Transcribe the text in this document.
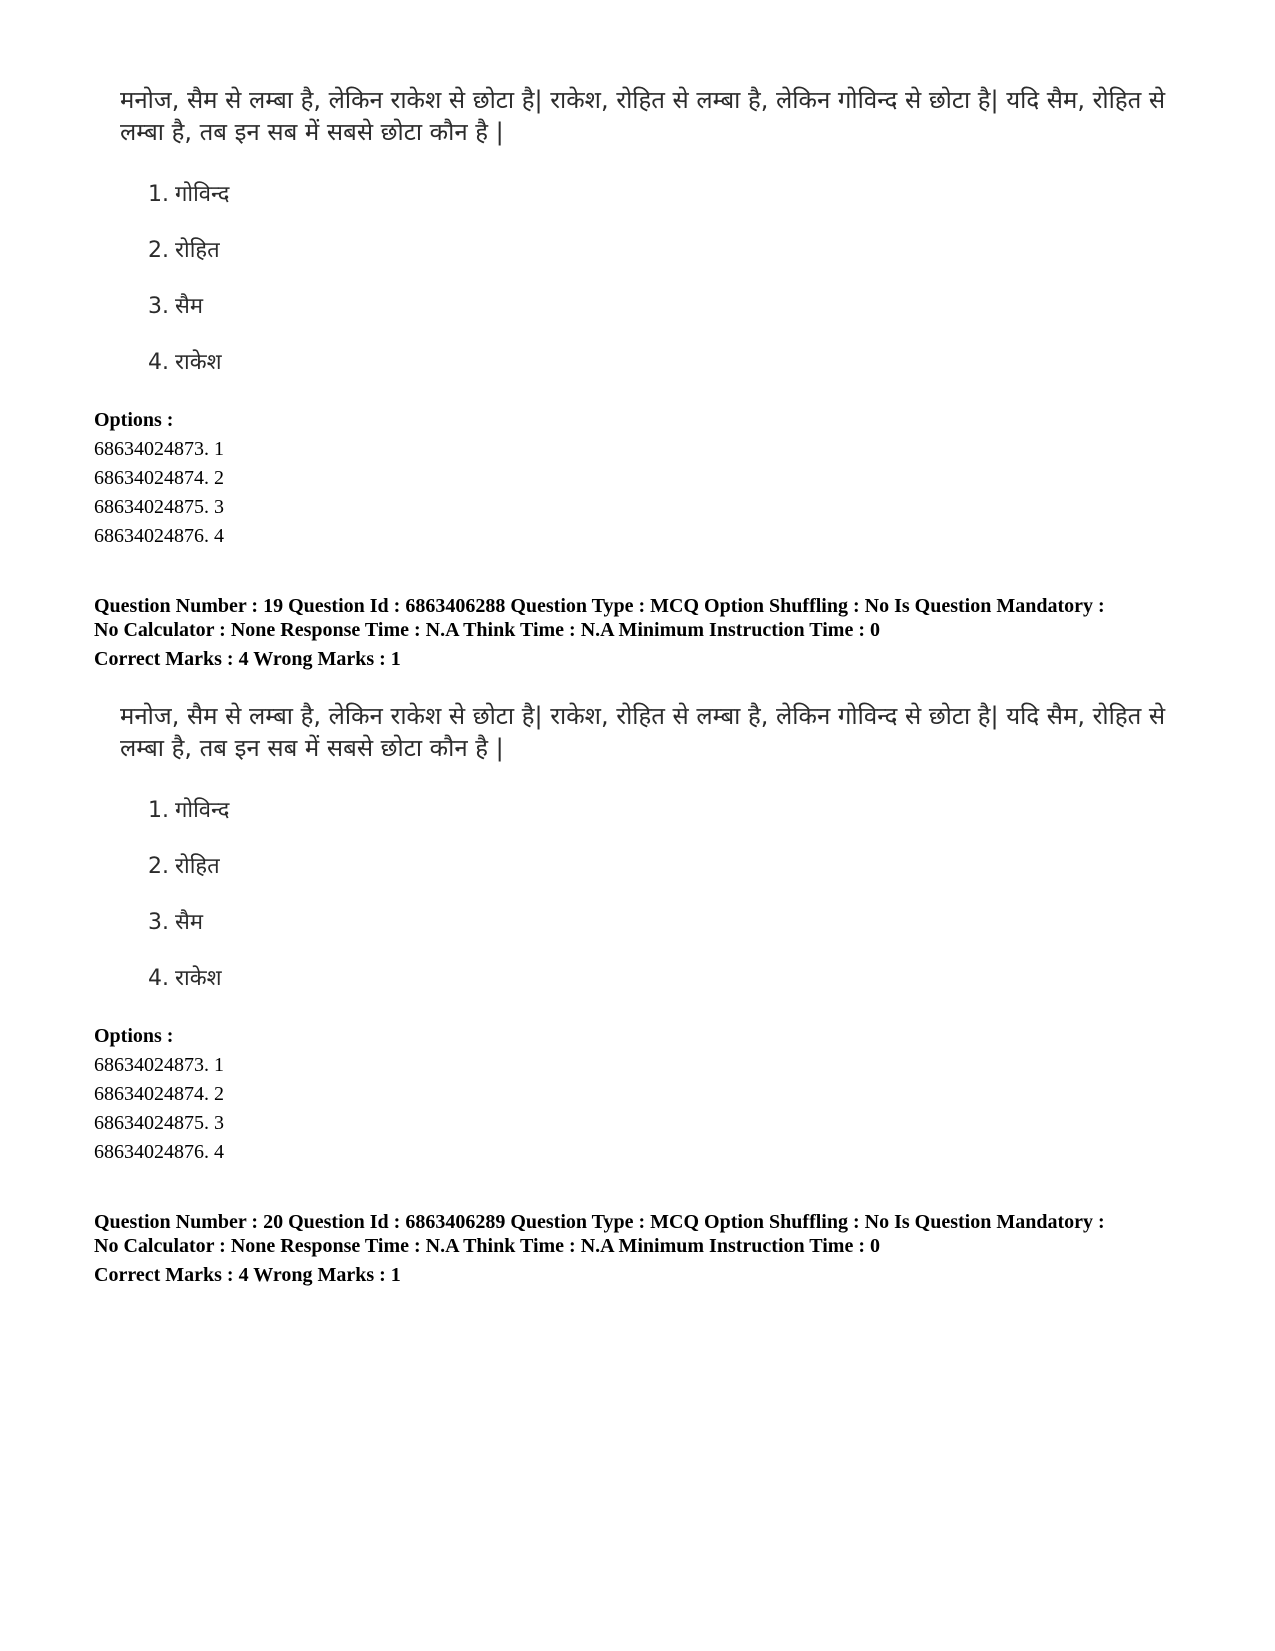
मनोज, सैम से लम्बा है, लेकिन राकेश से छोटा है| राकेश, रोहित से लम्बा है, लेकिन गोविन्द से छोटा है| यदि सैम, रोहित से लम्बा है, तब इन सब में सबसे छोटा कौन है |

1. गोविन्द
2. रोहित
3. सैम
4. राकेश
Options :
68634024873. 1
68634024874. 2
68634024875. 3
68634024876. 4
Question Number : 19 Question Id : 6863406288 Question Type : MCQ Option Shuffling : No Is Question Mandatory :
No Calculator : None Response Time : N.A Think Time : N.A Minimum Instruction Time : 0
Correct Marks : 4 Wrong Marks : 1

मनोज, सैम से लम्बा है, लेकिन राकेश से छोटा है| राकेश, रोहित से लम्बा है, लेकिन गोविन्द से छोटा है| यदि सैम, रोहित से लम्बा है, तब इन सब में सबसे छोटा कौन है |

1. गोविन्द
2. रोहित
3. सैम
4. राकेश
Options :
68634024873. 1
68634024874. 2
68634024875. 3
68634024876. 4
Question Number : 20 Question Id : 6863406289 Question Type : MCQ Option Shuffling : No Is Question Mandatory :
No Calculator : None Response Time : N.A Think Time : N.A Minimum Instruction Time : 0
Correct Marks : 4 Wrong Marks : 1
